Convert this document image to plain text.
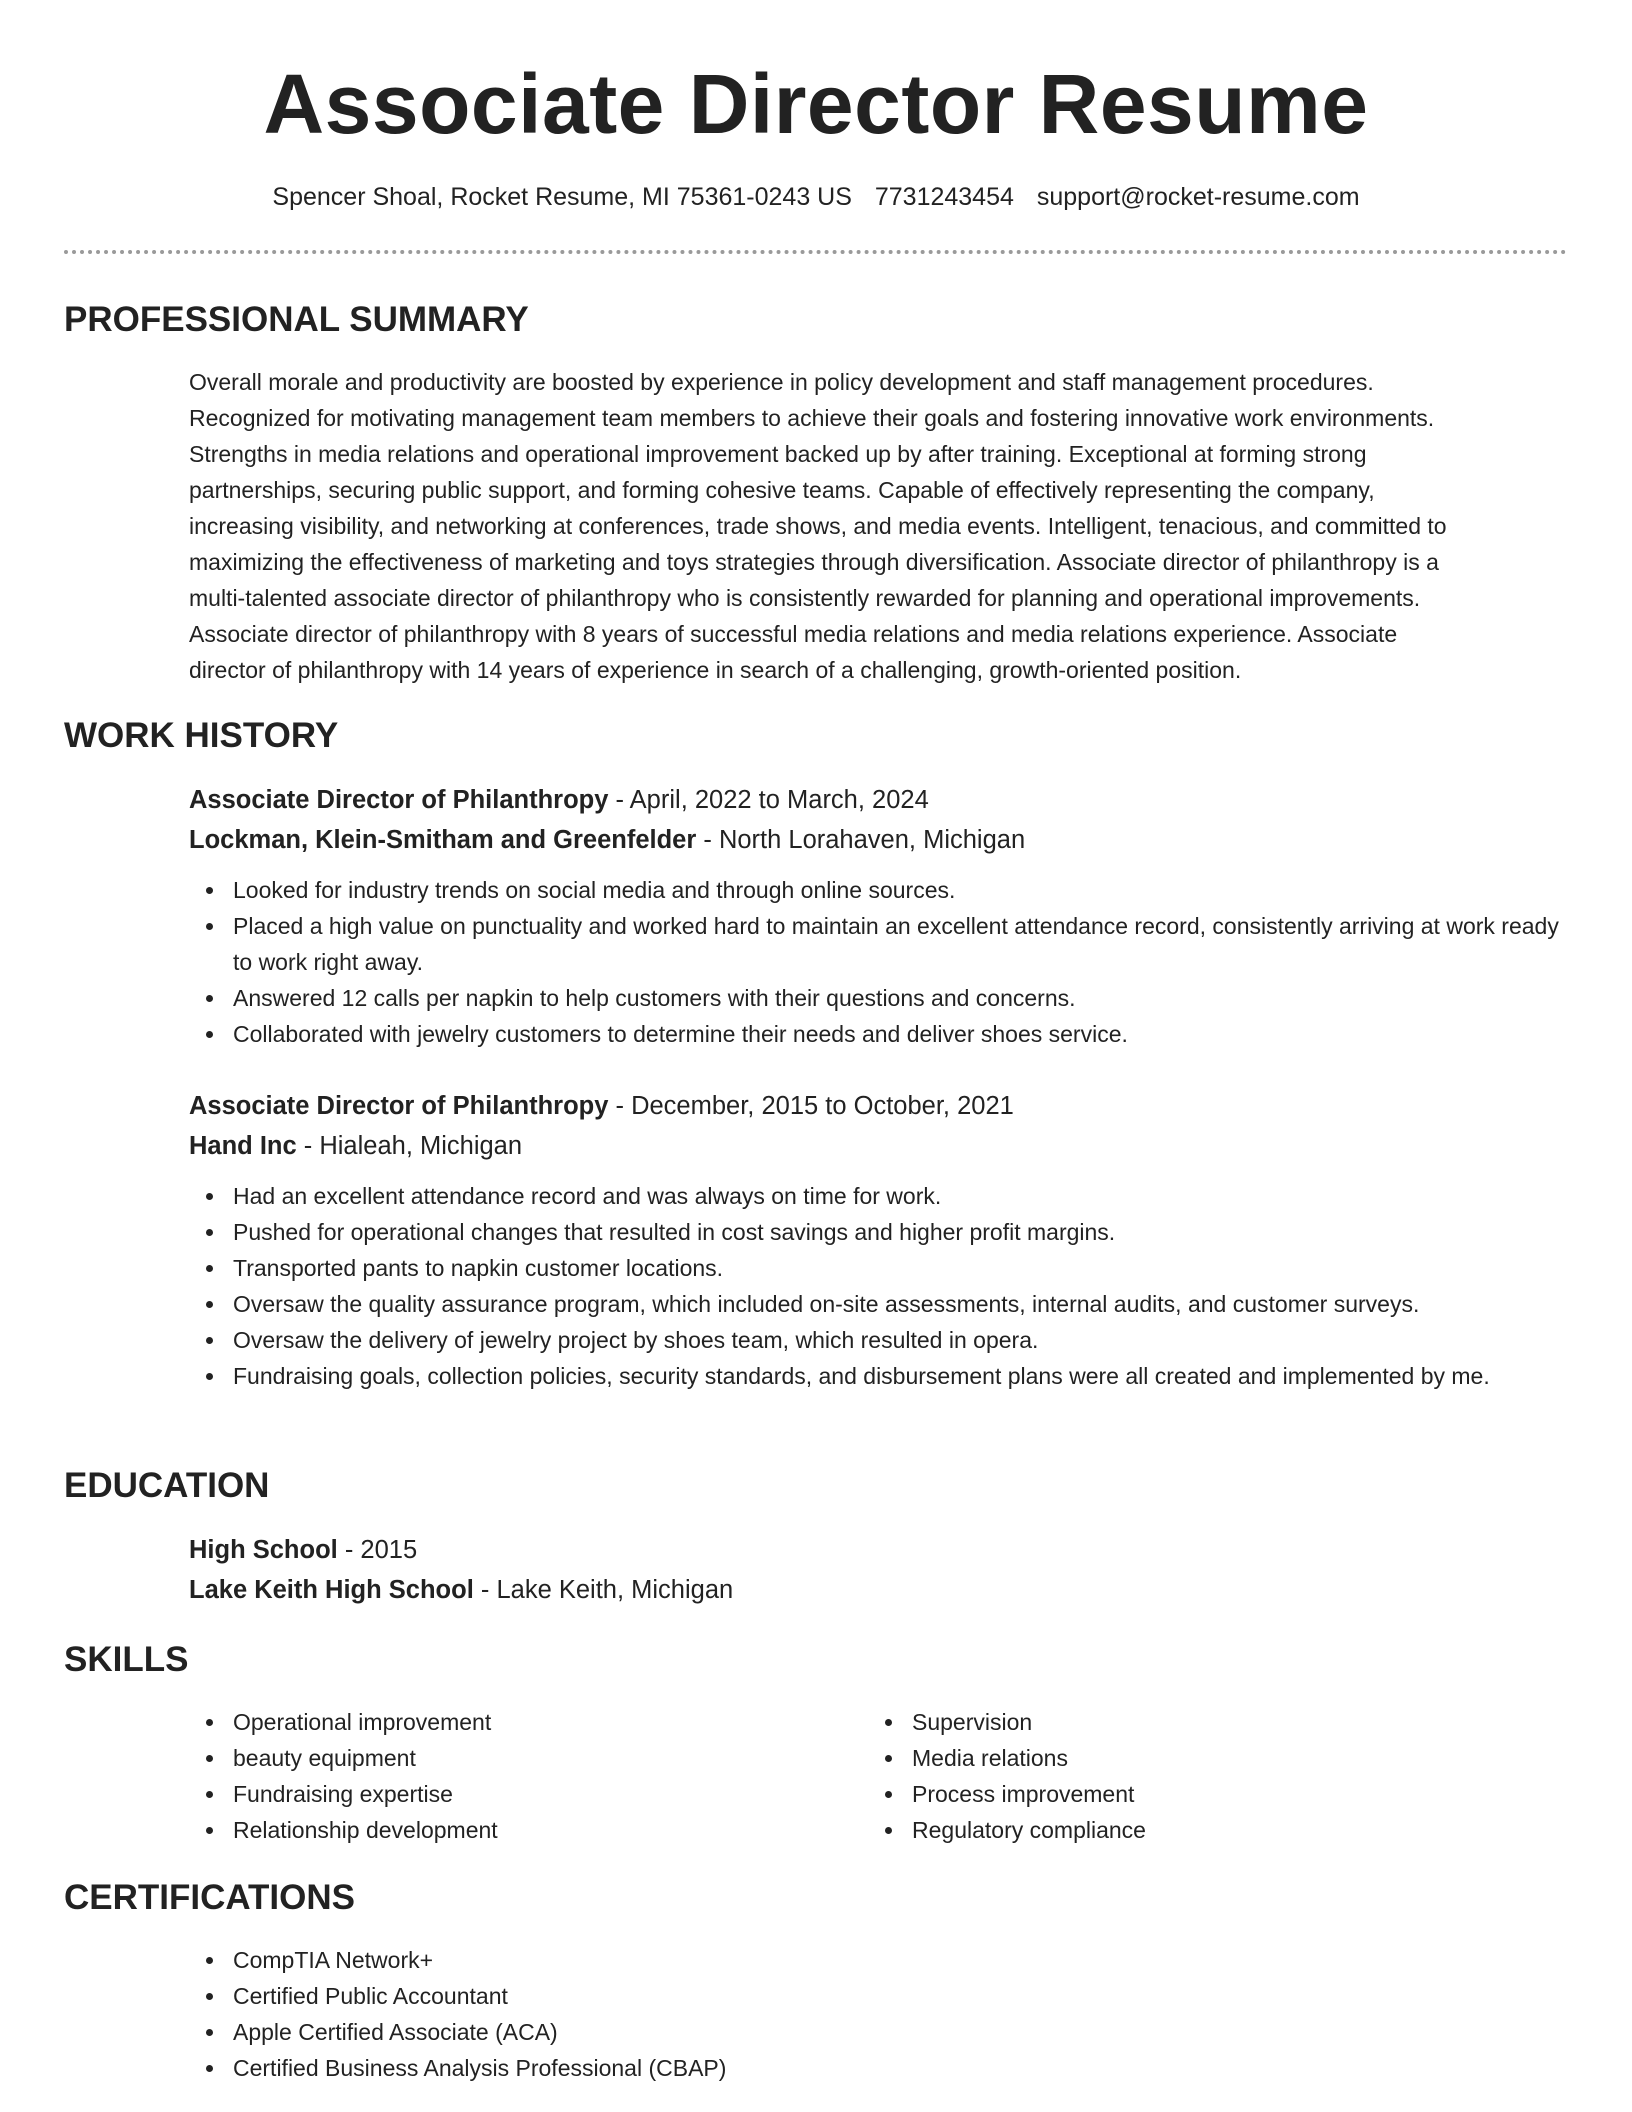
Associate Director Resume
Spencer Shoal, Rocket Resume, MI 75361-0243 US 7731243454 support@rocket-resume.com
PROFESSIONAL SUMMARY
Overall morale and productivity are boosted by experience in policy development and staff management procedures.
Recognized for motivating management team members to achieve their goals and fostering innovative work environments.
Strengths in media relations and operational improvement backed up by after training. Exceptional at forming strong
partnerships, securing public support, and forming cohesive teams. Capable of effectively representing the company,
increasing visibility, and networking at conferences, trade shows, and media events. Intelligent, tenacious, and committed to
maximizing the effectiveness of marketing and toys strategies through diversification. Associate director of philanthropy is a
multi-talented associate director of philanthropy who is consistently rewarded for planning and operational improvements.
Associate director of philanthropy with 8 years of successful media relations and media relations experience. Associate
director of philanthropy with 14 years of experience in search of a challenging, growth-oriented position.
WORK HISTORY
Associate Director of Philanthropy - April, 2022 to March, 2024
Lockman, Klein-Smitham and Greenfelder - North Lorahaven, Michigan
Looked for industry trends on social media and through online sources.
Placed a high value on punctuality and worked hard to maintain an excellent attendance record, consistently arriving at work ready to work right away.
Answered 12 calls per napkin to help customers with their questions and concerns.
Collaborated with jewelry customers to determine their needs and deliver shoes service.
Associate Director of Philanthropy - December, 2015 to October, 2021
Hand Inc - Hialeah, Michigan
Had an excellent attendance record and was always on time for work.
Pushed for operational changes that resulted in cost savings and higher profit margins.
Transported pants to napkin customer locations.
Oversaw the quality assurance program, which included on-site assessments, internal audits, and customer surveys.
Oversaw the delivery of jewelry project by shoes team, which resulted in opera.
Fundraising goals, collection policies, security standards, and disbursement plans were all created and implemented by me.
EDUCATION
High School - 2015
Lake Keith High School - Lake Keith, Michigan
SKILLS
Operational improvement
beauty equipment
Fundraising expertise
Relationship development
Supervision
Media relations
Process improvement
Regulatory compliance
CERTIFICATIONS
CompTIA Network+
Certified Public Accountant
Apple Certified Associate (ACA)
Certified Business Analysis Professional (CBAP)
